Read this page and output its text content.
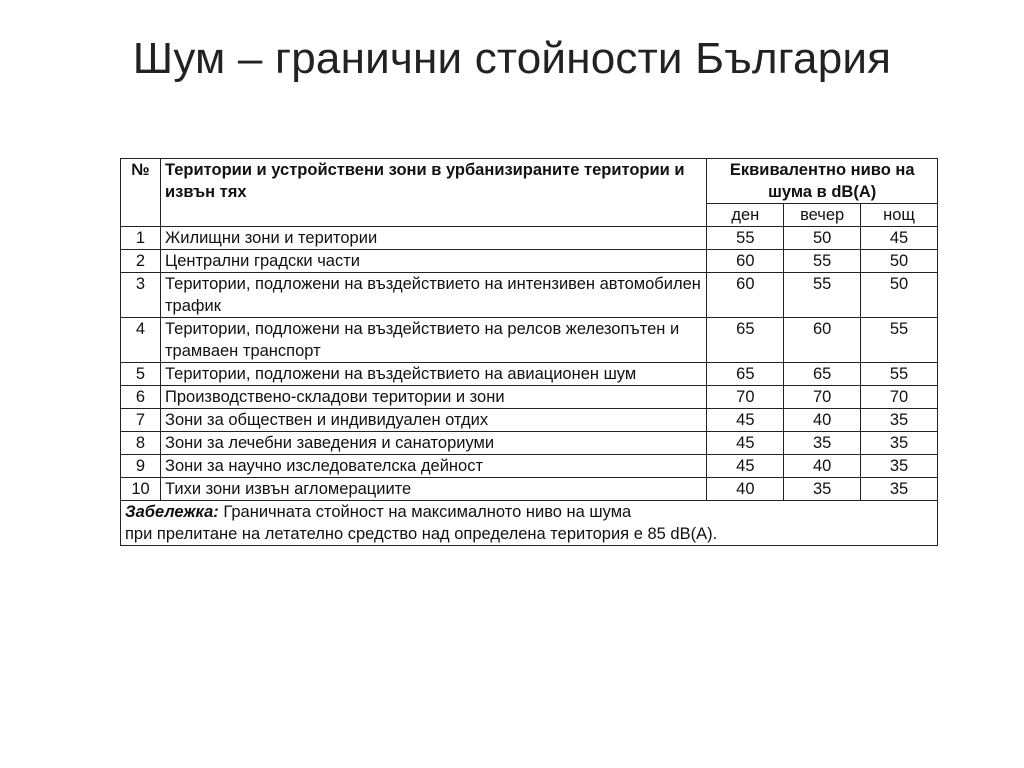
Шум – гранични стойности България
№	Територии и устройствени зони в урбанизираните територии и извън тях	Еквивалентно ниво на шума в dB(A)		
		ден	вечер	нощ
1	Жилищни зони и територии	55	50	45
2	Централни градски части	60	55	50
3	Територии, подложени на въздействието на интензивен автомобилен трафик	60	55	50
4	Територии, подложени на въздействието на релсов железопътен и трамваен транспорт	65	60	55
5	Територии, подложени на въздействието на авиационен шум	65	65	55
6	Производствено-складови територии и зони	70	70	70
7	Зони за обществен и индивидуален отдих	45	40	35
8	Зони за лечебни заведения и санаториуми	45	35	35
9	Зони за научно изследователска дейност	45	40	35
10	Тихи зони извън агломерациите	40	35	35
Забележка: Граничната стойност на максималното ниво на шума
при прелитане на летателно средство над определена територия е 85 dB(A).				
